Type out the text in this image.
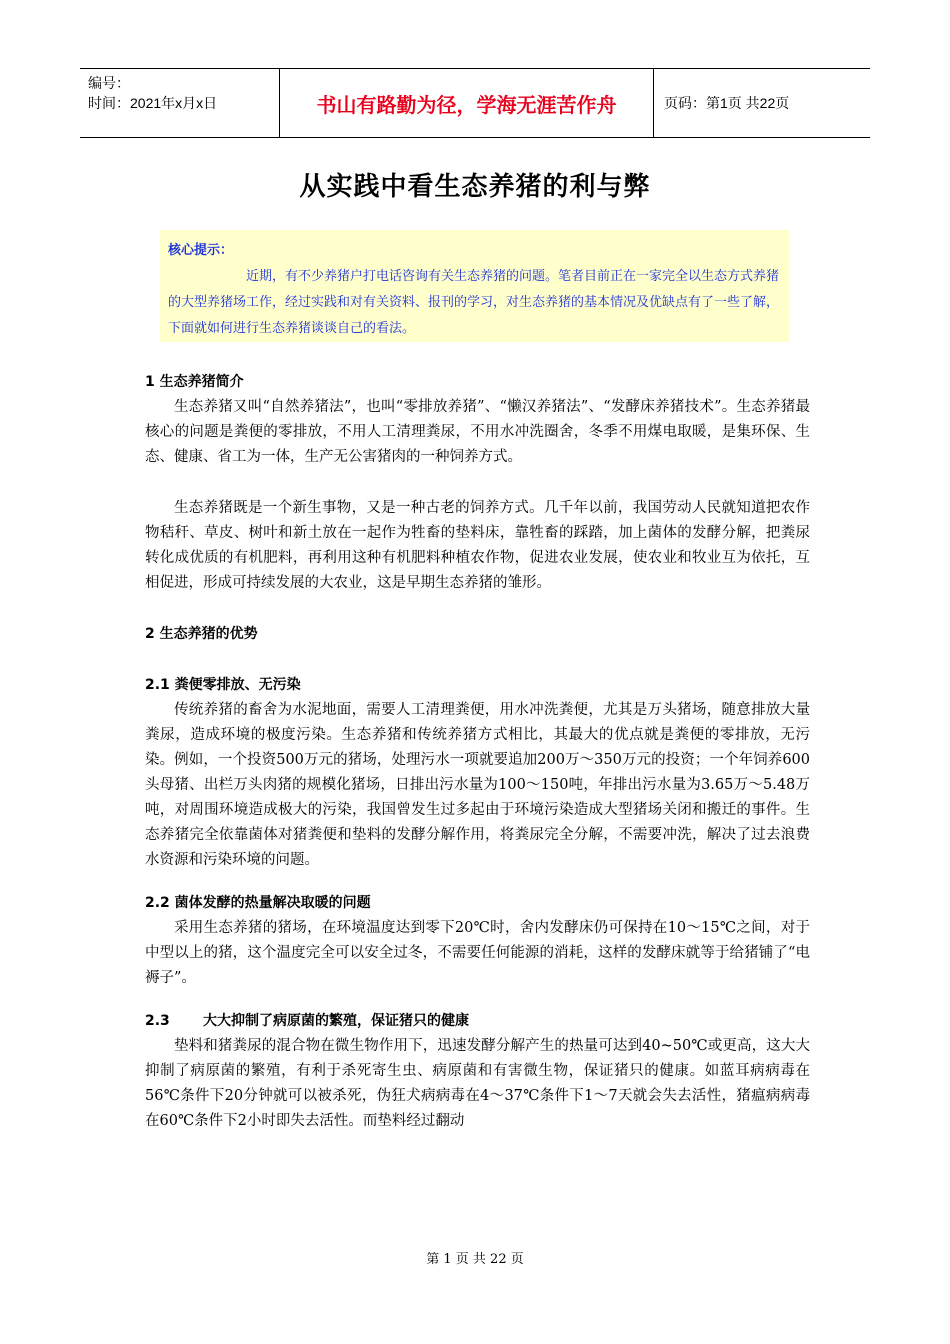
编号：
时间：2021年x月x日	书山有路勤为径，学海无涯苦作舟	页码：第1页 共22页
从实践中看生态养猪的利与弊
核心提示：
近期，有不少养猪户打电话咨询有关生态养猪的问题。笔者目前正在一家完全以生态方式养猪的大型养猪场工作，经过实践和对有关资料、报刊的学习，对生态养猪的基本情况及优缺点有了一些了解，下面就如何进行生态养猪谈谈自己的看法。
1 生态养猪简介

生态养猪又叫“自然养猪法”，也叫“零排放养猪”、“懒汉养猪法”、“发酵床养猪技术”。生态养猪最核心的问题是粪便的零排放，不用人工清理粪尿，不用水冲洗圈舍，冬季不用煤电取暖，是集环保、生态、健康、省工为一体，生产无公害猪肉的一种饲养方式。

生态养猪既是一个新生事物，又是一种古老的饲养方式。几千年以前，我国劳动人民就知道把农作物秸秆、草皮、树叶和新土放在一起作为牲畜的垫料床，靠牲畜的踩踏，加上菌体的发酵分解，把粪尿转化成优质的有机肥料，再利用这种有机肥料种植农作物，促进农业发展，使农业和牧业互为依托，互相促进，形成可持续发展的大农业，这是早期生态养猪的雏形。

2 生态养猪的优势
2.1 粪便零排放、无污染

传统养猪的畜舍为水泥地面，需要人工清理粪便，用水冲洗粪便，尤其是万头猪场，随意排放大量粪尿，造成环境的极度污染。生态养猪和传统养猪方式相比，其最大的优点就是粪便的零排放，无污染。例如，一个投资500万元的猪场，处理污水一项就要追加200万～350万元的投资；一个年饲养600头母猪、出栏万头肉猪的规模化猪场，日排出污水量为100～150吨，年排出污水量为3.65万～5.48万吨，对周围环境造成极大的污染，我国曾发生过多起由于环境污染造成大型猪场关闭和搬迁的事件。生态养猪完全依靠菌体对猪粪便和垫料的发酵分解作用，将粪尿完全分解，不需要冲洗，解决了过去浪费水资源和污染环境的问题。

2.2 菌体发酵的热量解决取暖的问题

采用生态养猪的猪场，在环境温度达到零下20℃时，舍内发酵床仍可保持在10～15℃之间，对于中型以上的猪，这个温度完全可以安全过冬，不需要任何能源的消耗，这样的发酵床就等于给猪铺了“电褥子”。

2.3 大大抑制了病原菌的繁殖，保证猪只的健康

垫料和猪粪尿的混合物在微生物作用下，迅速发酵分解产生的热量可达到40~50℃或更高，这大大抑制了病原菌的繁殖，有利于杀死寄生虫、病原菌和有害微生物，保证猪只的健康。如蓝耳病病毒在56℃条件下20分钟就可以被杀死，伪狂犬病病毒在4～37℃条件下1～7天就会失去活性，猪瘟病病毒在60℃条件下2小时即失去活性。而垫料经过翻动

第 1 页 共 22 页
